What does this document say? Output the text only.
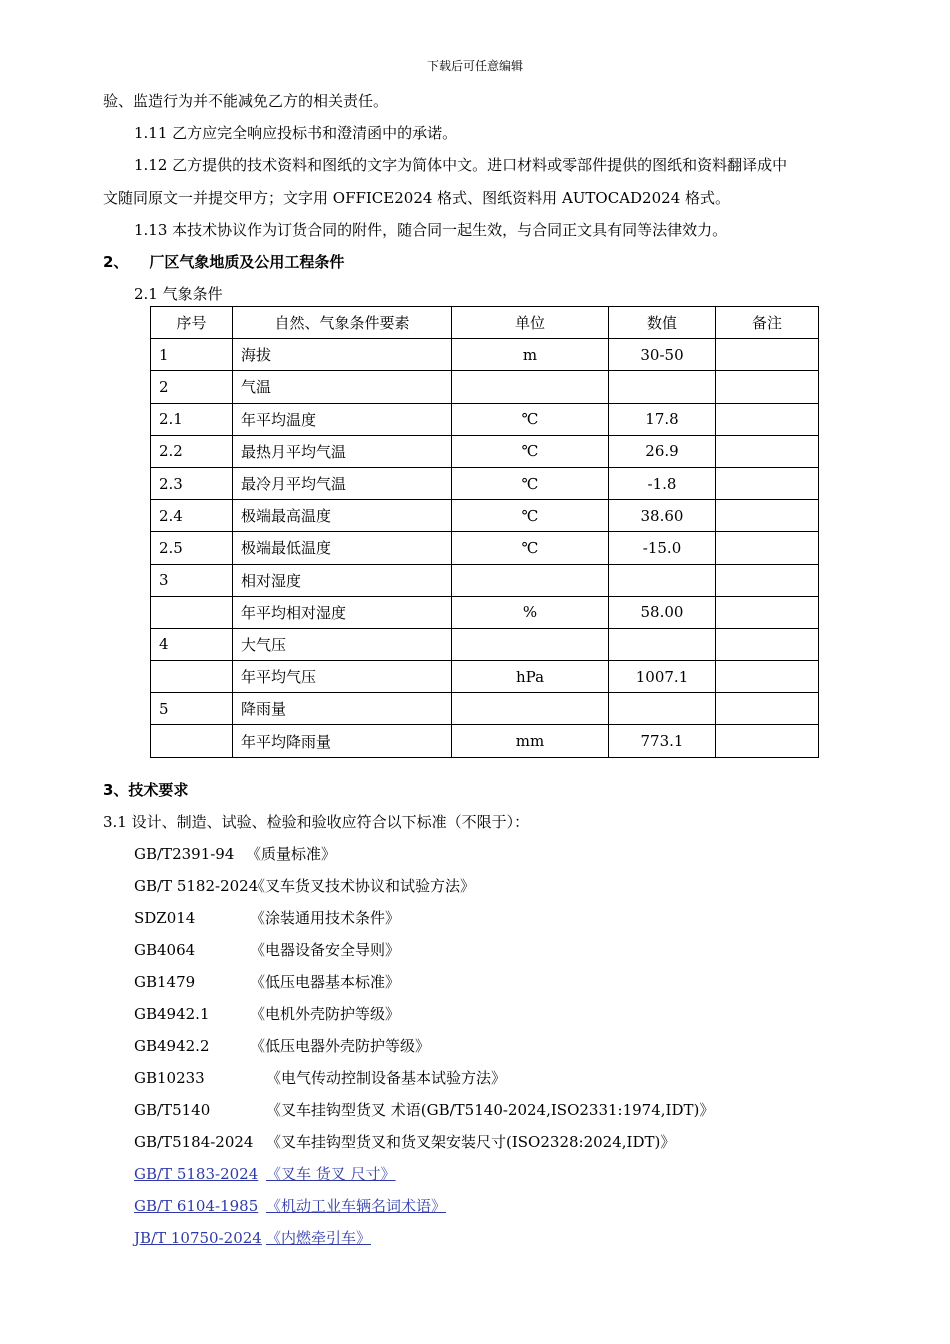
下载后可任意编辑
验、监造行为并不能减免乙方的相关责任。
1.11 乙方应完全响应投标书和澄清函中的承诺。
1.12 乙方提供的技术资料和图纸的文字为简体中文。进口材料或零部件提供的图纸和资料翻译成中
文随同原文一并提交甲方；文字用 OFFICE2024 格式、图纸资料用 AUTOCAD2024 格式。
1.13 本技术协议作为订货合同的附件，随合同一起生效，与合同正文具有同等法律效力。
2、    厂区气象地质及公用工程条件
2.1 气象条件
序号	自然、气象条件要素	单位	数值	备注
1	海拔	m	30-50	
2	气温			
2.1	年平均温度	℃	17.8	
2.2	最热月平均气温	℃	26.9	
2.3	最冷月平均气温	℃	-1.8	
2.4	极端最高温度	℃	38.60	
2.5	极端最低温度	℃	-15.0	
3	相对湿度			
	年平均相对湿度	%	58.00	
4	大气压			
	年平均气压	hPa	1007.1	
5	降雨量			
	年平均降雨量	mm	773.1	
3、技术要求
3.1 设计、制造、试验、检验和验收应符合以下标准（不限于）：
GB/T2391-94 《质量标准》
GB/T 5182-2024
《叉车货叉技术协议和试验方法》
SDZ014	《涂装通用技术条件》
GB4064	《电器设备安全导则》
GB1479	《低压电器基本标准》
GB4942.1	《电机外壳防护等级》
GB4942.2	《低压电器外壳防护等级》
GB10233	《电气传动控制设备基本试验方法》
GB/T5140	《叉车挂钩型货叉 术语(GB/T5140-2024,ISO2331:1974,IDT)》
GB/T5184-2024 《叉车挂钩型货叉和货叉架安装尺寸(ISO2328:2024,IDT)》
GB/T 5183-2024 《叉车 货叉 尺寸》
GB/T 6104-1985 《机动工业车辆名词术语》
JB/T 10750-2024 《内燃牵引车》
